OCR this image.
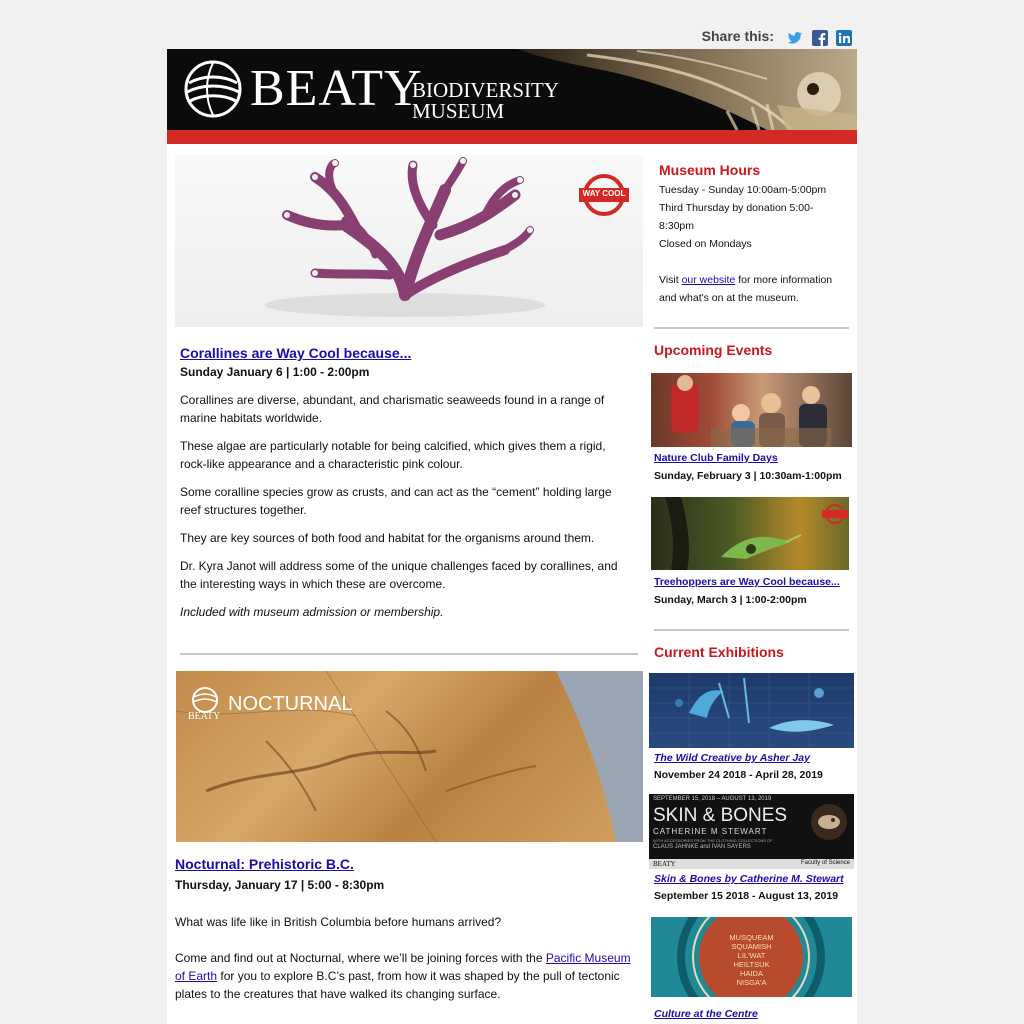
Share this:
BEATY
BIODIVERSITY
MUSEUM
WAY COOL
Corallines are Way Cool because...
Sunday January 6 | 1:00 - 2:00pm

Corallines are diverse, abundant, and charismatic seaweeds found in a range of marine habitats worldwide.

These algae are particularly notable for being calcified, which gives them a rigid, rock-like appearance and a characteristic pink colour.

Some coralline species grow as crusts, and can act as the “cement” holding large reef structures together.

They are key sources of both food and habitat for the organisms around them.

Dr. Kyra Janot will address some of the unique challenges faced by corallines, and the interesting ways in which these are overcome.

Included with museum admission or membership.

BEATY
NOCTURNAL
Nocturnal: Prehistoric B.C.
Thursday, January 17 | 5:00 - 8:30pm

What was life like in British Columbia before humans arrived?

Come and find out at Nocturnal, where we’ll be joining forces with the Pacific Museum of Earth for you to explore B.C’s past, from how it was shaped by the pull of tectonic plates to the creatures that have walked its changing surface.

Museum Hours
Tuesday - Sunday 10:00am-5:00pm
Third Thursday by donation 5:00-8:30pm
Closed on Mondays
Visit our website for more information and what's on at the museum.
Upcoming Events
Nature Club Family Days
Sunday, February 3 | 10:30am-1:00pm
Treehoppers are Way Cool because...
Sunday, March 3 | 1:00-2:00pm
Current Exhibitions
The Wild Creative by Asher Jay
November 24 2018 - April 28, 2019
SEPTEMBER 15, 2018 – AUGUST 13, 2019
SKIN & BONES
CATHERINE M STEWART
WITH ACCESSORIES FROM THE CLOTHING COLLECTIONS OF
CLAUS JAHNKE and IVAN SAYERS
BEATY	Faculty of Science
Skin & Bones by Catherine M. Stewart
September 15 2018 - August 13, 2019
MUSQUEAM
SQUAMISH
LIL'WAT
HEILTSUK
HAIDA
NISGA'A
Culture at the Centre
